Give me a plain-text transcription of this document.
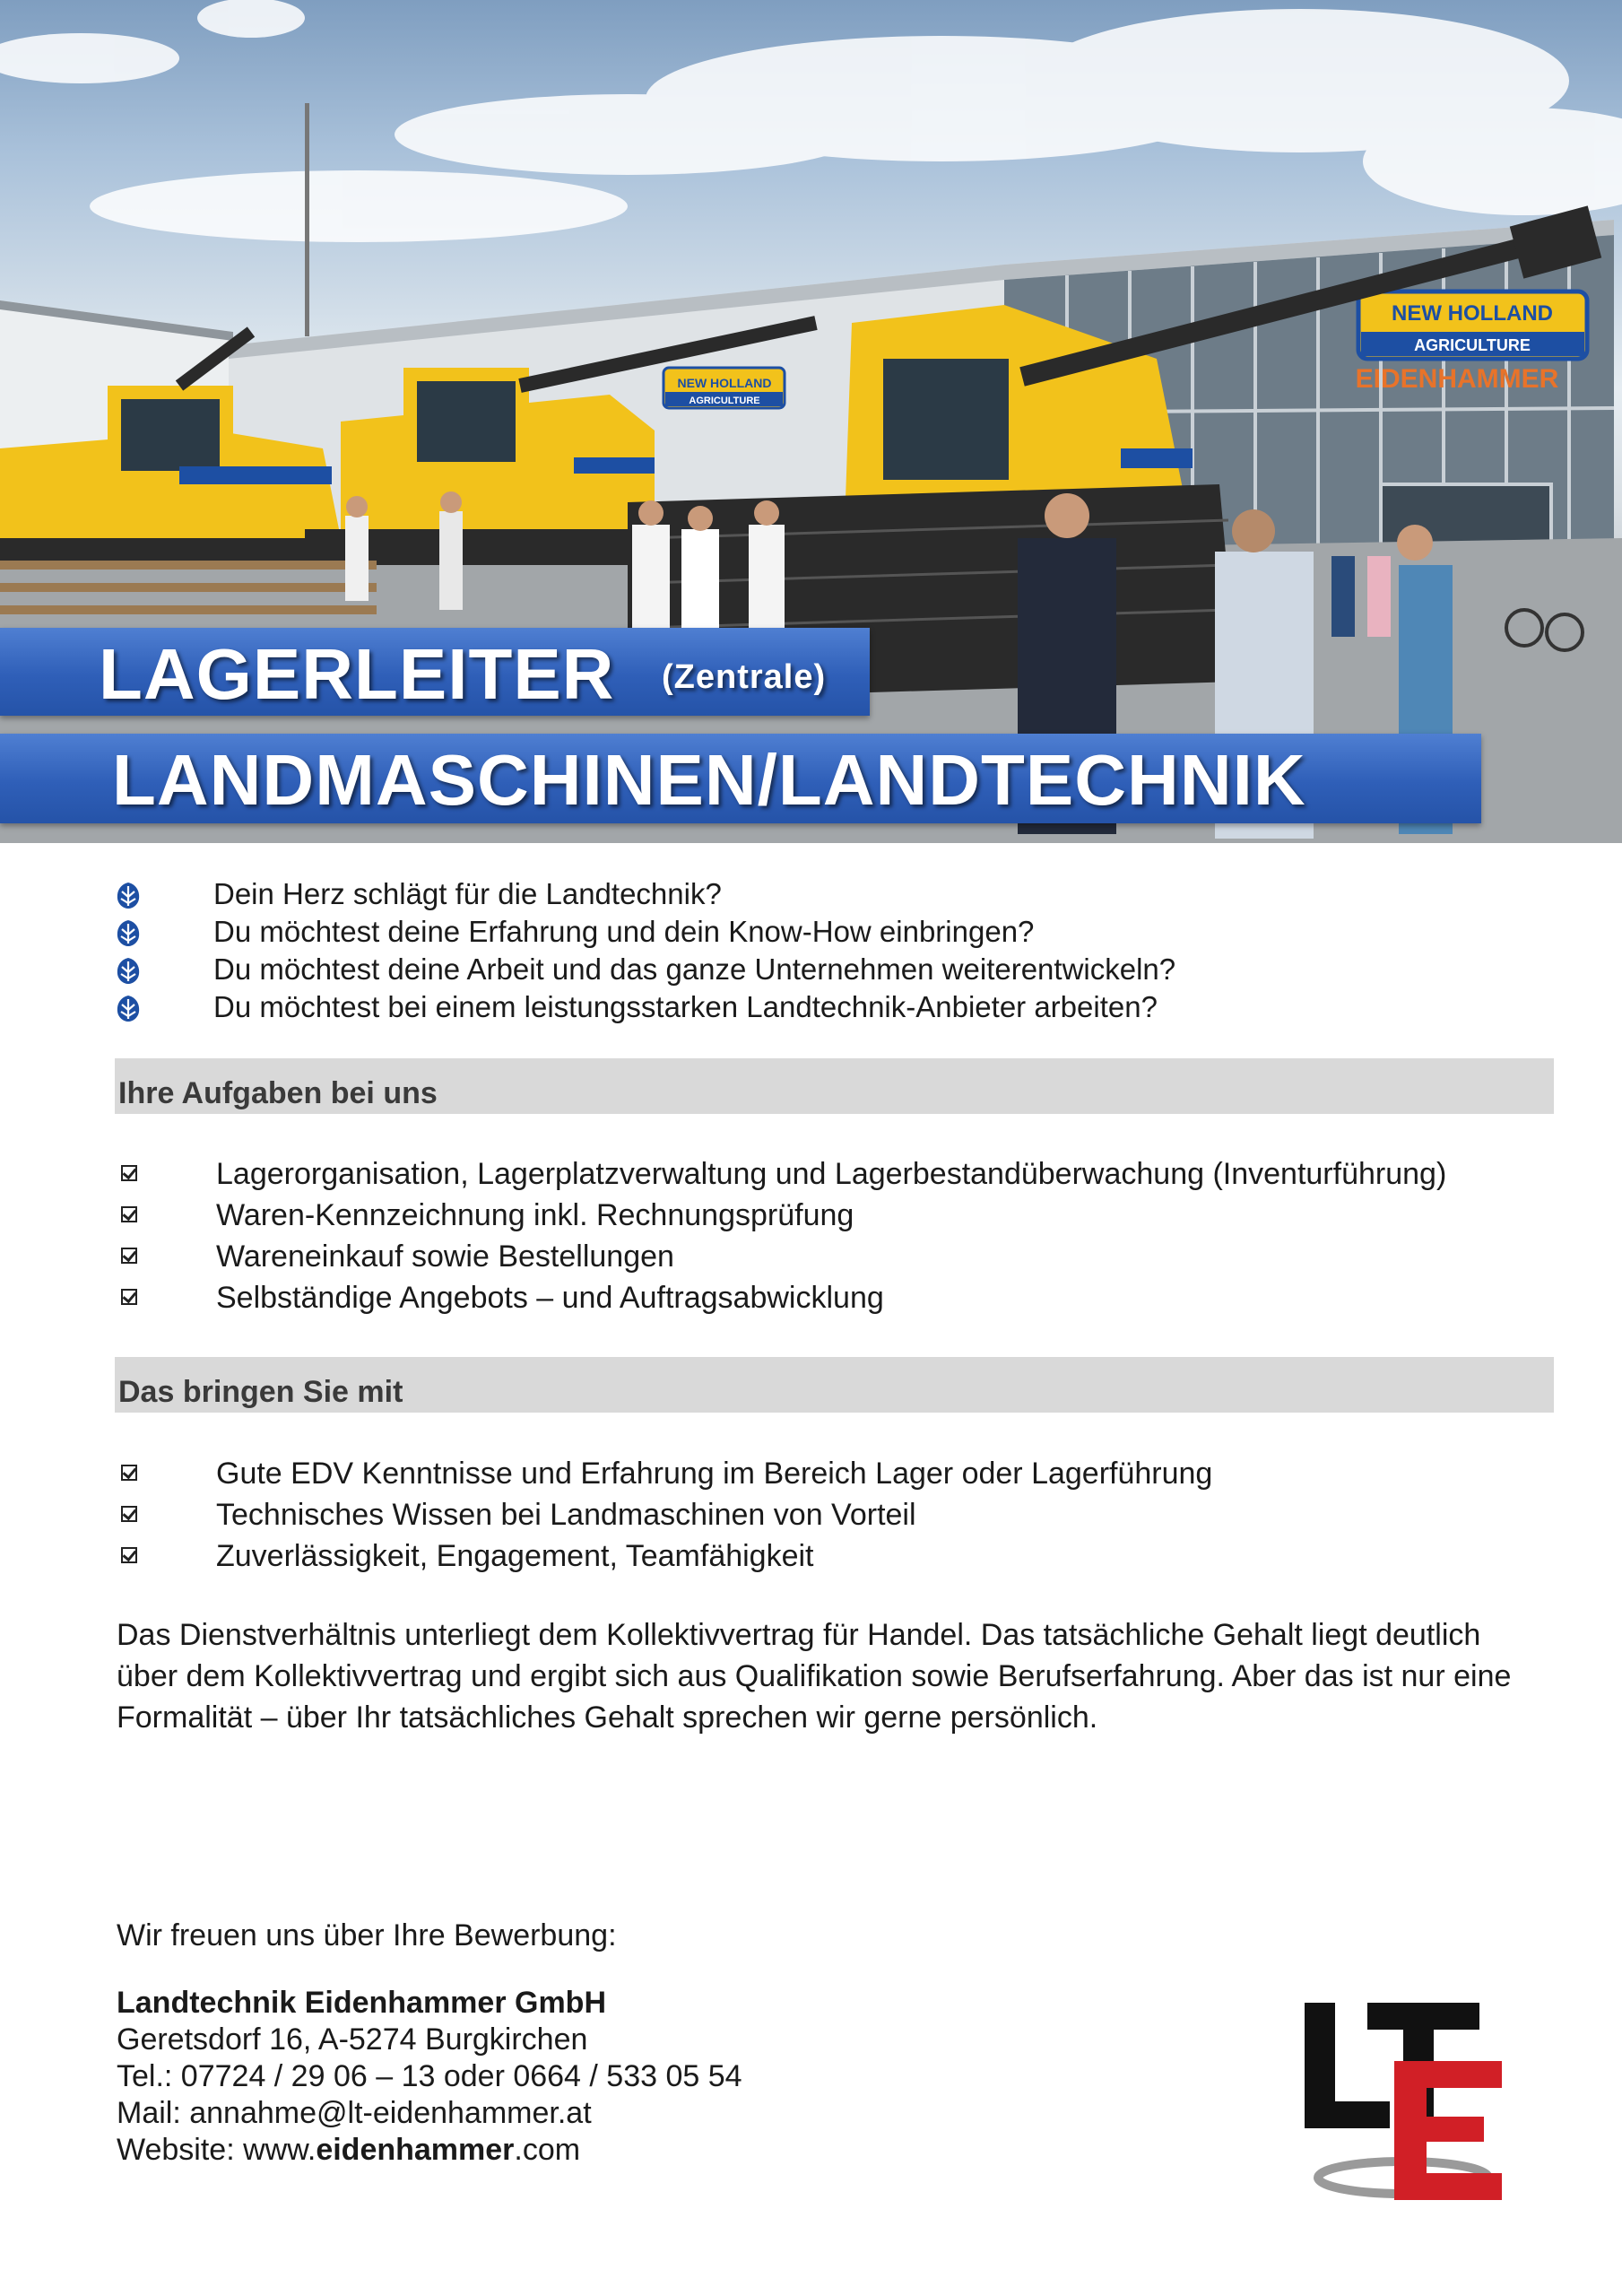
NEW HOLLAND
AGRICULTURE
EIDENHAMMER
NEW HOLLAND
AGRICULTURE
LAGERLEITER (Zentrale)
LANDMASCHINEN/LANDTECHNIK
Dein Herz schlägt für die Landtechnik?
Du möchtest deine Erfahrung und dein Know-How einbringen?
Du möchtest deine Arbeit und das ganze Unternehmen weiterentwickeln?
Du möchtest bei einem leistungsstarken Landtechnik-Anbieter arbeiten?
Ihre Aufgaben bei uns
Lagerorganisation, Lagerplatzverwaltung und Lagerbestandüberwachung (Inventurführung)
Waren-Kennzeichnung inkl. Rechnungsprüfung
Wareneinkauf sowie Bestellungen
Selbständige Angebots – und Auftragsabwicklung
Das bringen Sie mit
Gute EDV Kenntnisse und Erfahrung im Bereich Lager oder Lagerführung
Technisches Wissen bei Landmaschinen von Vorteil
Zuverlässigkeit, Engagement, Teamfähigkeit
Das Dienstverhältnis unterliegt dem Kollektivvertrag für Handel. Das tatsächliche Gehalt liegt deutlich über dem Kollektivvertrag und ergibt sich aus Qualifikation sowie Berufserfahrung. Aber das ist nur eine Formalität – über Ihr tatsächliches Gehalt sprechen wir gerne persönlich.
Wir freuen uns über Ihre Bewerbung:
Landtechnik Eidenhammer GmbH
Geretsdorf 16, A-5274 Burgkirchen
Tel.: 07724 / 29 06 – 13 oder 0664 / 533 05 54
Mail: annahme@lt-eidenhammer.at
Website: www.eidenhammer.com
